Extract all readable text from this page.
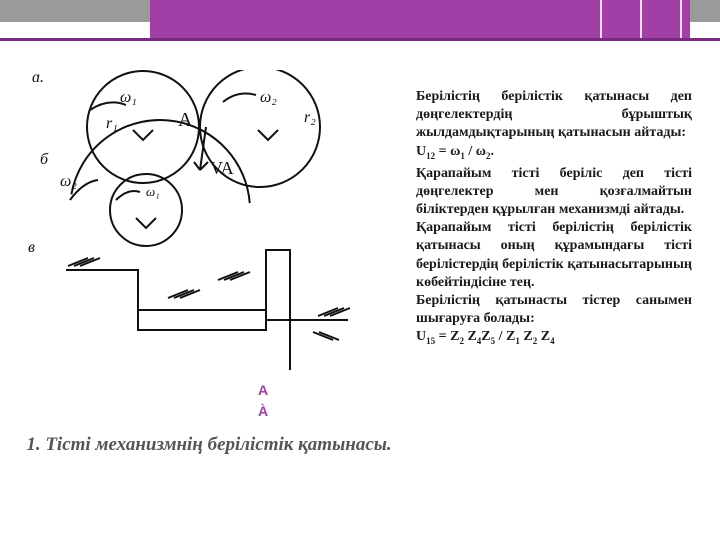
ɑ.
б
в
ω₁	ω₂
r₁	r₂
A
VA
ω₂
ω₁
A
À
1. Тісті механизмнің берілістік қатынасы.

Берілістің берілістік қатынасы деп дөңгелектердің бұрыштық жылдамдықтарының қатынасын айтады:

$U_{12} = \omega_1 / \omega_2$.

Қарапайым тісті беріліс деп тісті дөңгелектер мен қозғалмайтын біліктерден құрылған механизмді айтады.

Қарапайым тісті берілістің берілістік қатынасы оның құрамындағы тісті берілістердің берілістік қатынасытарының көбейтіндісіне тең.

Берілістің қатынасты тістер санымен шығаруға болады:

$U_{15} = Z_2$ $Z_4Z_5 / Z_1$ $Z_2$ $Z_4$
